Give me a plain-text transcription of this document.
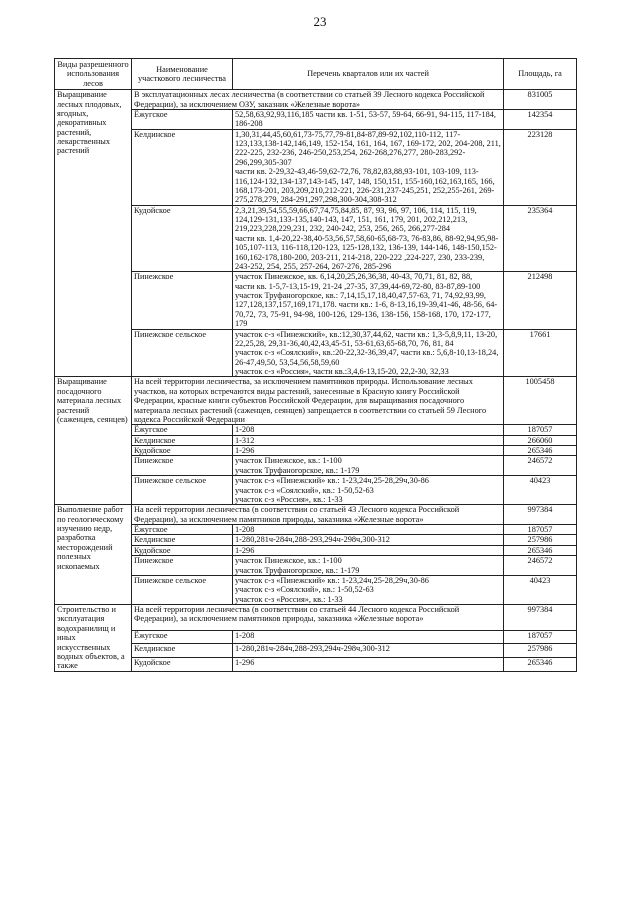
23
Виды разрешенного использования лесов	Наименование участкового лесничества	Перечень кварталов или их частей	Площадь, га
Выращивание лесных плодовых, ягодных, декоративных растений, лекарственных растений	В эксплуатационных лесах лесничества (в соответствии со статьей 39 Лесного кодекса Российской Федерации), за исключением ОЗУ, заказник «Железные ворота»		831005
	Ёжугское	52,58,63,92,93,116,185 части кв. 1-51, 53-57, 59-64, 66-91, 94-115, 117-184, 186-208	142354
	Келдинское	1,30,31,44,45,60,61,73-75,77,79-81,84-87,89-92,102,110-112, 117-123,133,138-142,146,149, 152-154, 161, 164, 167, 169-172, 202, 204-208, 211, 222-225, 232-236, 246-250,253,254, 262-268,276,277, 280-283,292-296,299,305-307
части кв. 2-29,32-43,46-59,62-72,76, 78,82,83,88,93-101, 103-109, 113-116,124-132,134-137,143-145, 147, 148, 150,151, 155-160,162,163,165, 166, 168,173-201, 203,209,210,212-221, 226-231,237-245,251, 252,255-261, 269-275,278,279, 284-291,297,298,300-304,308-312	223128
	Кудойское	2,3,21,39,54,55,59,66,67,74,75,84,85, 87, 93, 96, 97, 106, 114, 115, 119, 124,129-131,133-135,140-143, 147, 151, 161, 179, 201, 202,212,213, 219,223,228,229,231, 232, 240-242, 253, 256, 265, 266,277-284
части кв. 1,4-20,22-38,40-53,56,57,58,60-65,68-73, 76-83,86, 88-92,94,95,98-105,107-113, 116-118,120-123, 125-128,132, 136-139, 144-146, 148-150,152-160,162-178,180-200, 203-211, 214-218, 220-222 ,224-227, 230, 233-239, 243-252, 254, 255, 257-264, 267-276, 285-296	235364
	Пинежское	участок Пинежское, кв. 6,14,20,25,26,36,38, 40-43, 70,71, 81, 82, 88,
части кв. 1-5,7-13,15-19, 21-24 ,27-35, 37,39,44-69,72-80, 83-87,89-100
участок Труфаногорское, кв.: 7,14,15,17,18,40,47,57-63, 71, 74,92,93,99, 127,128,137,157,169,171,178. части кв.: 1-6, 8-13,16,19-39,41-46, 48-56, 64-70,72, 73, 75-91, 94-98, 100-126, 129-136, 138-156, 158-168, 170, 172-177, 179	212498
	Пинежское сельское	участок с-з «Пинежский», кв.:12,30,37,44,62, части кв.: 1,3-5,8,9,11, 13-20, 22,25,28, 29,31-36,40,42,43,45-51, 53-61,63,65-68,70, 76, 81, 84
участок с-з «Соялский», кв.:20-22,32-36,39,47, части кв.: 5,6,8-10,13-18,24, 26-47,49,50, 53,54,56,58,59,60
участок с-з «Россия», части кв.:3,4,6-13,15-20, 22,2-30, 32,33	17661
Выращивание посадочного материала лесных растений (саженцев, сеянцев)	На всей территории лесничества, за исключением памятников природы. Использование лесных участков, на которых встречаются виды растений, занесенные в Красную книгу Российской Федерации, красные книги субъектов Российской Федерации, для выращивания посадочного материала лесных растений (саженцев, сеянцев) запрещается в соответствии со статьей 59 Лесного кодекса Российской Федерации		1005458
	Ёжугское	1-208	187057
	Келдинское	1-312	266060
	Кудойское	1-296	265346
	Пинежское	участок Пинежское, кв.: 1-100
участок Труфаногорское, кв.: 1-179	246572
	Пинежское сельское	участок с-з «Пинежский» кв.: 1-23,24ч,25-28,29ч,30-86
участок с-з «Соялский», кв.: 1-50,52-63
участок с-з «Россия», кв.: 1-33	40423
Выполнение работ по геологическому изучению недр, разработка месторождений полезных ископаемых	На всей территории лесничества (в соответствии со статьей 43 Лесного кодекса Российской Федерации), за исключением памятников природы, заказника «Железные ворота»		997384
	Ёжугское	1-208	187057
	Келдинское	1-280,281ч-284ч,288-293,294ч-298ч,300-312	257986
	Кудойское	1-296	265346
	Пинежское	участок Пинежское, кв.: 1-100
участок Труфаногорское, кв.: 1-179	246572
	Пинежское сельское	участок с-з «Пинежский» кв.: 1-23,24ч,25-28,29ч,30-86
участок с-з «Соялский», кв.: 1-50,52-63
участок с-з «Россия», кв.: 1-33	40423
Строительство и эксплуатация водохранилищ и иных искусственных водных объектов, а также	На всей территории лесничества (в соответствии со статьей 44 Лесного кодекса Российской Федерации), за исключением памятников природы, заказника «Железные ворота»		997384
	Ёжугское	1-208	187057
	Келдинское	1-280,281ч-284ч,288-293,294ч-298ч,300-312	257986
	Кудойское	1-296	265346
